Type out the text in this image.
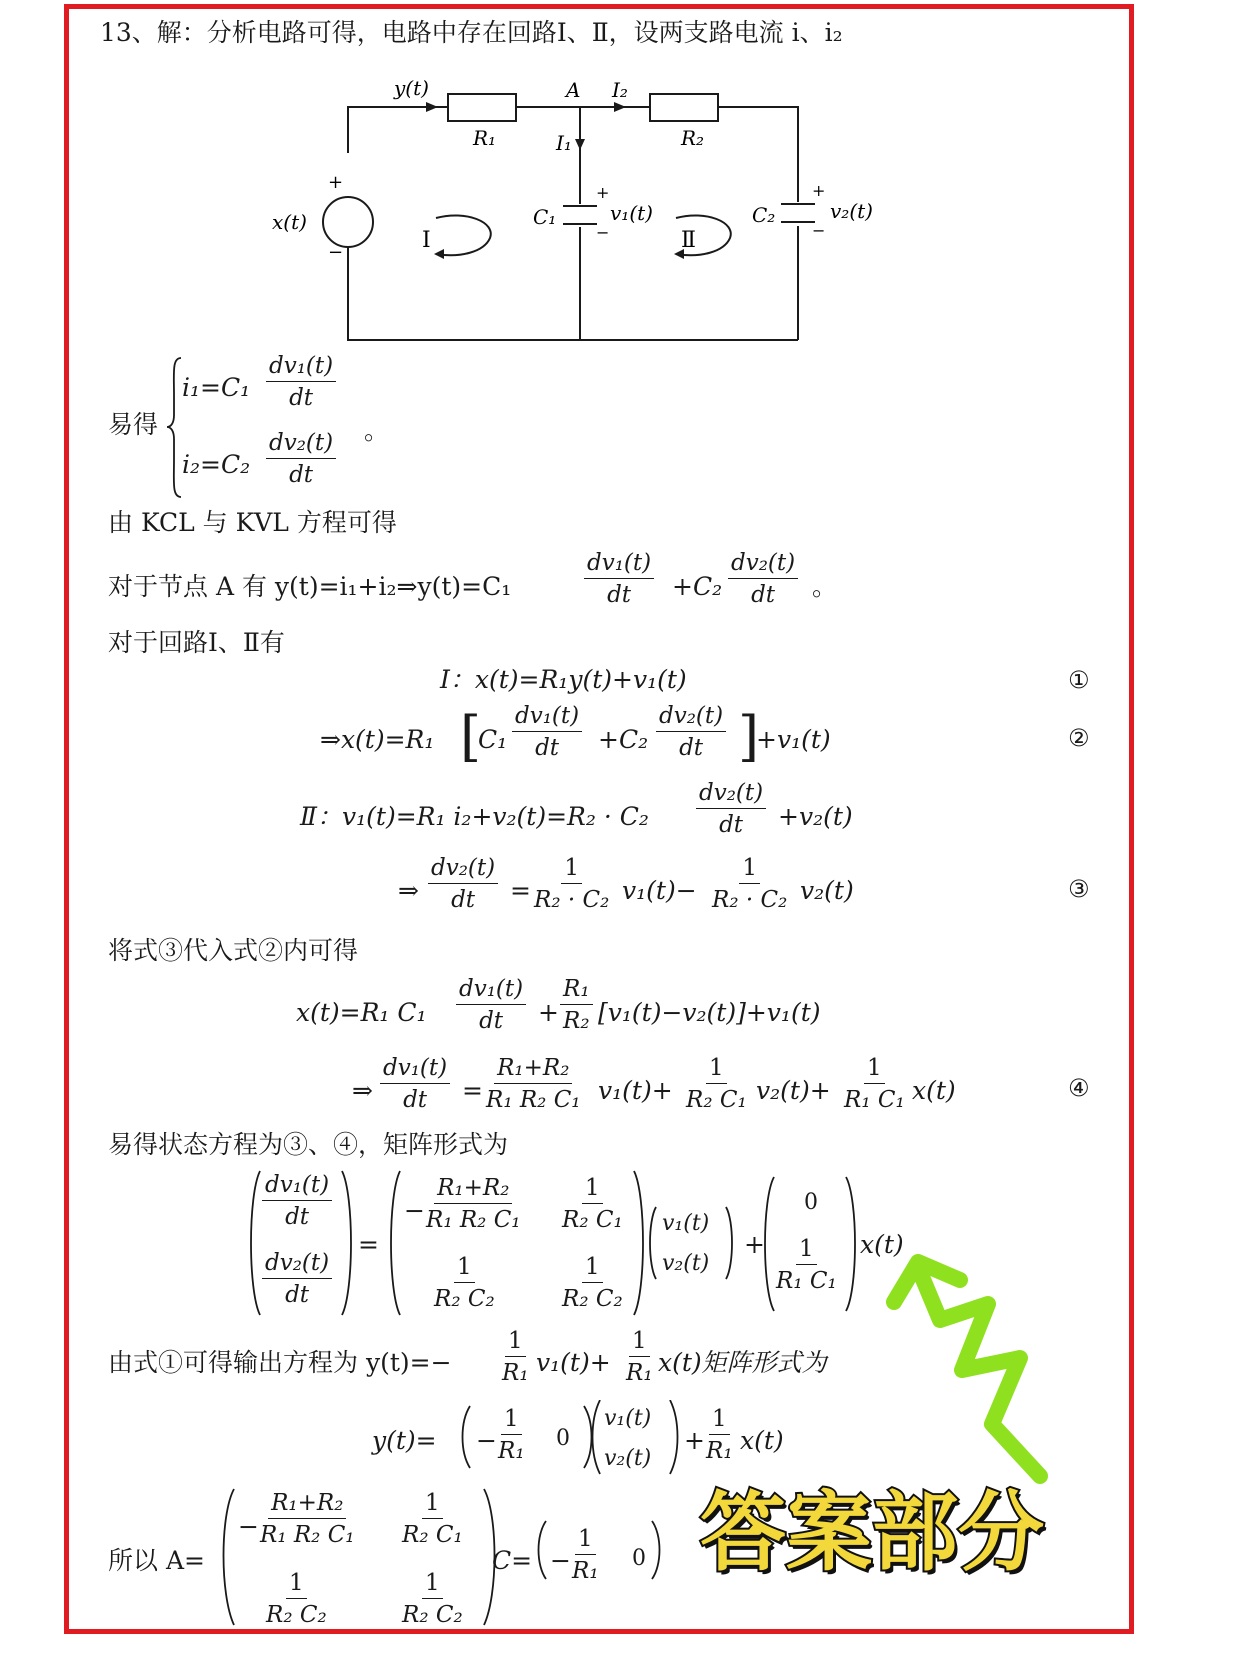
13、解：分析电路可得，电路中存在回路Ⅰ、Ⅱ，设两支路电流 i、i₂
y(t)	A I₂
R₁	R₂
I₁
x(t)
+
−
C₁
+
−
v₁(t)	C₂
+
−
v₂(t)
Ⅰ	Ⅱ
易得
$i_1=C_1 \frac{\text{dv₁(t)}}{dt}$
$i_2=C_2 \frac{\text{dv₂(t)}}{dt}$ 。
由 KCL 与 KVL 方程可得
对于节点 A 有 y(t)=i₁+i₂⇒y(t)=C₁	$\frac{\text{dv₁(t)}}{dt} +C_2 \frac{\text{dv₂(t)}}{dt}$ 。
对于回路Ⅰ、Ⅱ有
Ⅰ：x(t)=R₁y(t)+v₁(t)	①
⇒x(t)=R₁ [
$C_1 \frac{\text{dv₁(t)}}{dt} +C_2 \frac{\text{dv₂(t)}}{dt}$ ]
+v₁(t)	②
Ⅱ：v₁(t)=R₁ $i_2+v_2(t)=R_2 \cdot C_2 \frac{\text{dv₂(t)}}{dt} +v_2(t)$
⇒ $\frac{\text{dv₂(t)}}{dt} = \frac{1}{\text{R₂ · C₂}} v_1(t)- \frac{1}{\text{R₂ · C₂}} v_2(t)$	③
将式③代入式②内可得
x(t)=R₁ $C_1 \frac{\text{dv₁(t)}}{dt} + \frac{\text{R₁}}{\text{R₂}} [v_1(t)-v_2(t)]+v_1(t)$
⇒ $\frac{\text{dv₁(t)}}{dt} = \frac{\text{R₁+R₂}}{\text{R₁ R₂ C₁}} v_1(t)+ \frac{1}{\text{R₂ C₁}} v_2(t)+ \frac{1}{\text{R₁ C₁}} x(t)$	④
易得状态方程为③、④，矩阵形式为
$\frac{\text{dv₁(t)}}{dt}$
$\frac{\text{dv₂(t)}}{dt}$
=
− $\frac{\text{R₁+R₂}}{\text{R₁ R₂ C₁}} \frac{1}{\text{R₂ C₁}}$
$\frac{1}{\text{R₂ C₂}}$	$\frac{1}{\text{R₂ C₂}}$
v₁(t)
v₂(t)
+
0
$\frac{1}{\text{R₁ C₁}} x(t)$
由式①可得输出方程为 $y(t)=- \frac{1}{\text{R₁}} v_1(t)+ \frac{1}{\text{R₁}} x(t)$矩阵形式为
$y(t)= - \frac{1}{\text{R₁}} 0$
v₁(t)
v₂(t)
+ $\frac{1}{\text{R₁}} x(t)$
所以 A=
− $\frac{\text{R₁+R₂}}{\text{R₁ R₂ C₁}} \frac{1}{\text{R₂ C₁}}$
$\frac{1}{\text{R₂ C₂}}$	$\frac{1}{\text{R₂ C₂}}$
$C= - \frac{1}{\text{R₁}} 0$ 答案部分
